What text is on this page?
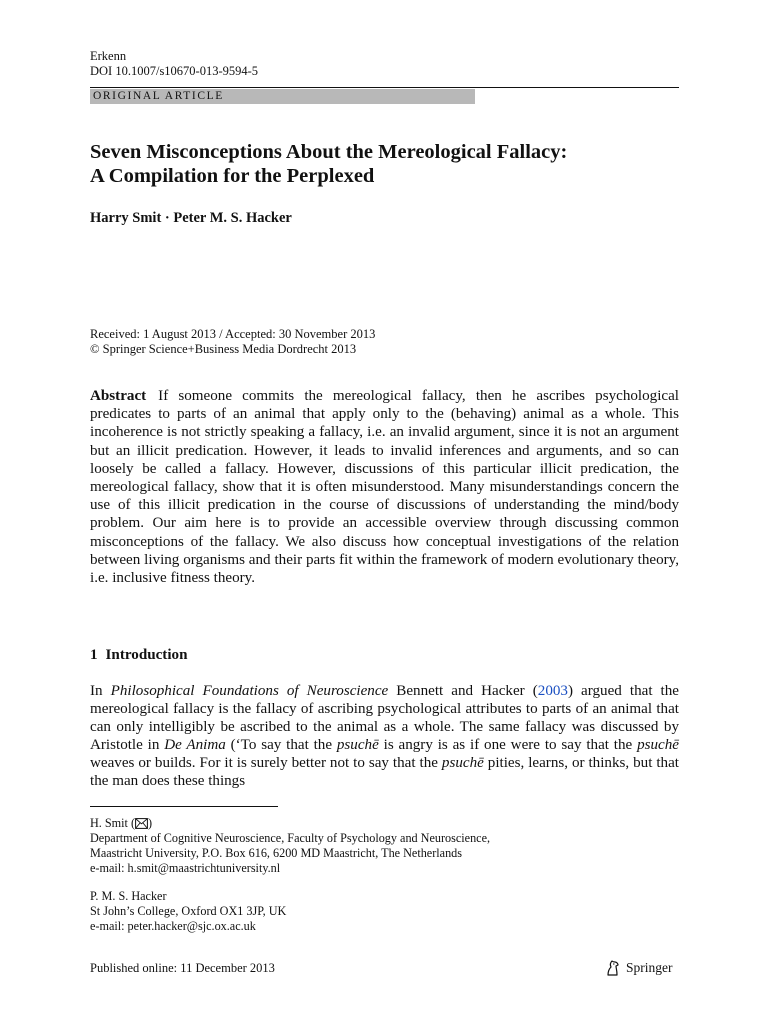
Erkenn
DOI 10.1007/s10670-013-9594-5
ORIGINAL ARTICLE
Seven Misconceptions About the Mereological Fallacy:
A Compilation for the Perplexed
Harry Smit · Peter M. S. Hacker
Received: 1 August 2013 / Accepted: 30 November 2013
© Springer Science+Business Media Dordrecht 2013
Abstract If someone commits the mereological fallacy, then he ascribes psychological predicates to parts of an animal that apply only to the (behaving) animal as a whole. This incoherence is not strictly speaking a fallacy, i.e. an invalid argument, since it is not an argument but an illicit predication. However, it leads to invalid inferences and arguments, and so can loosely be called a fallacy. However, discussions of this particular illicit predication, the mereological fallacy, show that it is often misunderstood. Many misunderstandings concern the use of this illicit predication in the course of discussions of understanding the mind/body problem. Our aim here is to provide an accessible overview through discussing common misconceptions of the fallacy. We also discuss how conceptual investigations of the relation between living organisms and their parts fit within the framework of modern evolutionary theory, i.e. inclusive fitness theory.
1 Introduction
In Philosophical Foundations of Neuroscience Bennett and Hacker (2003) argued that the mereological fallacy is the fallacy of ascribing psychological attributes to parts of an animal that can only intelligibly be ascribed to the animal as a whole. The same fallacy was discussed by Aristotle in De Anima (‘To say that the psuchē is angry is as if one were to say that the psuchē weaves or builds. For it is surely better not to say that the psuchē pities, learns, or thinks, but that the man does these things
H. Smit ( )
Department of Cognitive Neuroscience, Faculty of Psychology and Neuroscience,
Maastricht University, P.O. Box 616, 6200 MD Maastricht, The Netherlands
e-mail: h.smit@maastrichtuniversity.nl
P. M. S. Hacker
St John’s College, Oxford OX1 3JP, UK
e-mail: peter.hacker@sjc.ox.ac.uk
Published online: 11 December 2013	Springer
